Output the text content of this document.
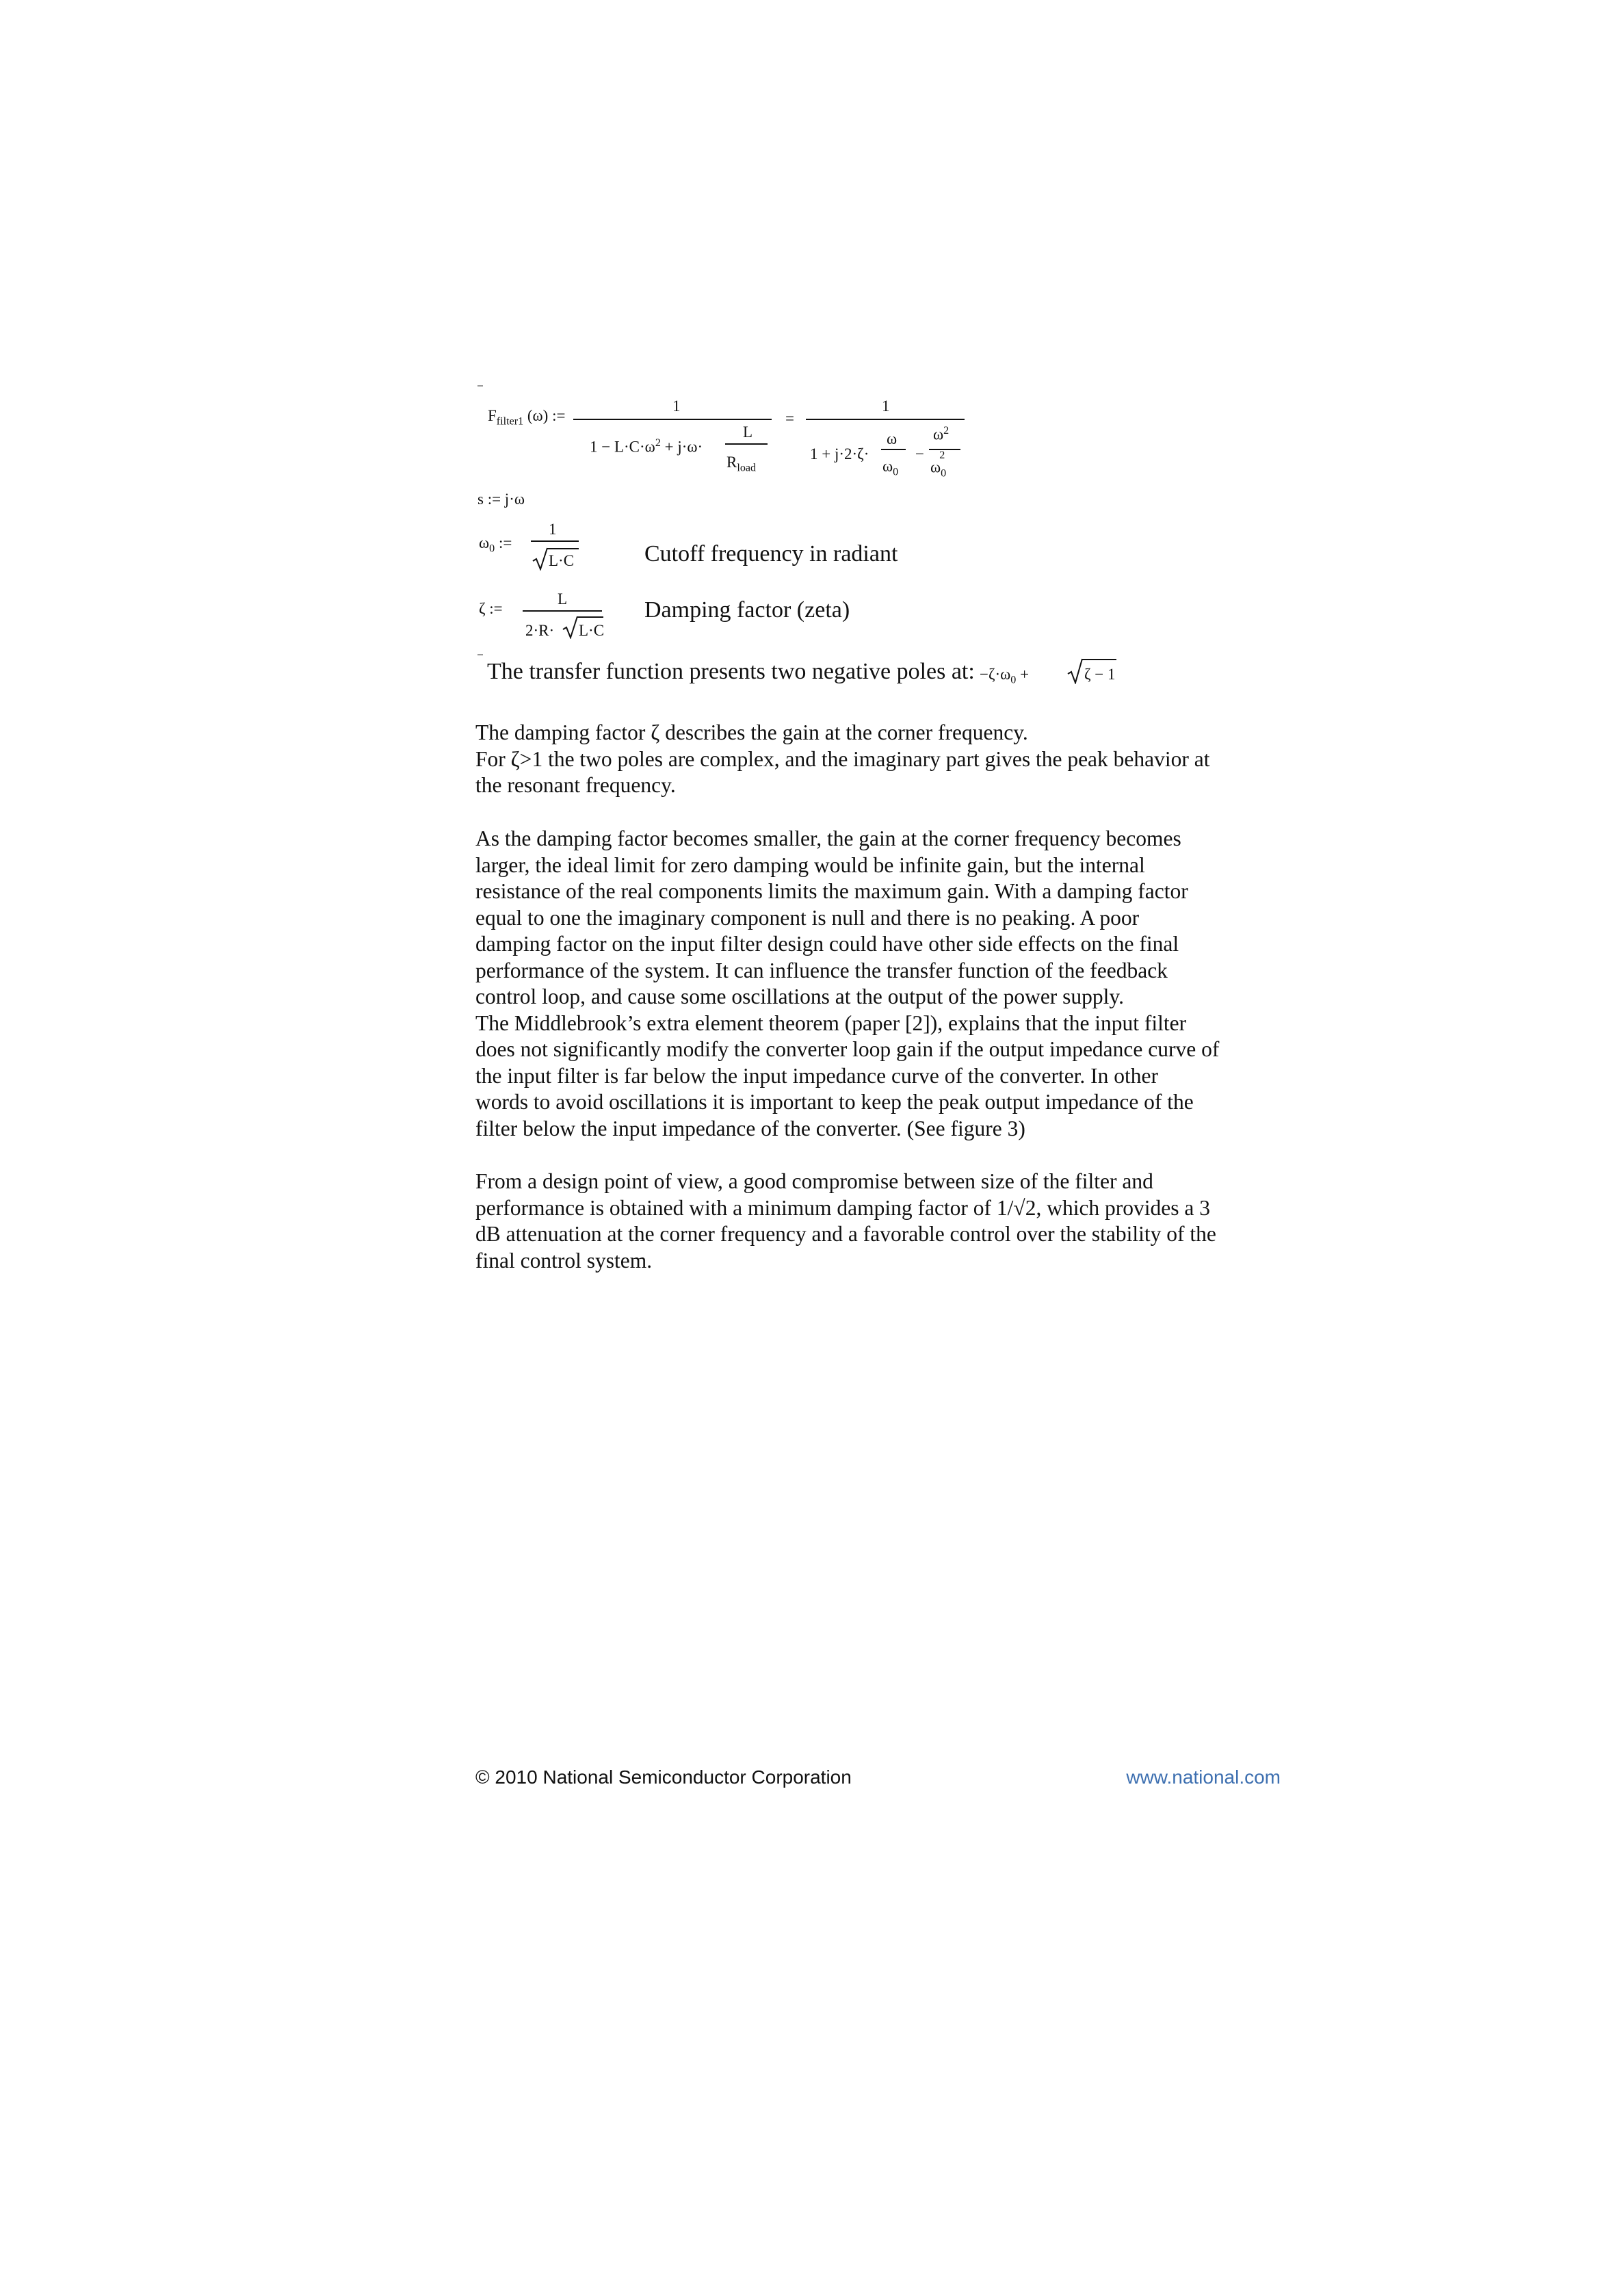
$F_{filter1}$ (ω) :=
1
$1 - L\cdot C\cdot\omega^2 + j\cdot\omega\cdot$
L
$R_{load}$
=
1
1 + j·2·ζ·
ω
$\omega_0$
−
$\omega^2$
$\omega_0^2$
s := j·ω
$\omega_0$ :=
1
L·C	Cutoff frequency in radiant
ζ :=
L
2·R· L·C
Damping factor (zeta)
The transfer function presents two negative poles at: $-\zeta\cdot\omega_0$ +	ζ − 1
The damping factor ζ describes the gain at the corner frequency.
For ζ>1 the two poles are complex, and the imaginary part gives the peak behavior at
the resonant frequency.
As the damping factor becomes smaller, the gain at the corner frequency becomes
larger, the ideal limit for zero damping would be infinite gain, but the internal
resistance of the real components limits the maximum gain. With a damping factor
equal to one the imaginary component is null and there is no peaking. A poor
damping factor on the input filter design could have other side effects on the final
performance of the system. It can influence the transfer function of the feedback
control loop, and cause some oscillations at the output of the power supply.
The Middlebrook’s extra element theorem (paper [2]), explains that the input filter
does not significantly modify the converter loop gain if the output impedance curve of
the input filter is far below the input impedance curve of the converter. In other
words to avoid oscillations it is important to keep the peak output impedance of the
filter below the input impedance of the converter. (See figure 3)
From a design point of view, a good compromise between size of the filter and
performance is obtained with a minimum damping factor of 1/√2, which provides a 3
dB attenuation at the corner frequency and a favorable control over the stability of the
final control system.
© 2010 National Semiconductor Corporation	www.national.com
